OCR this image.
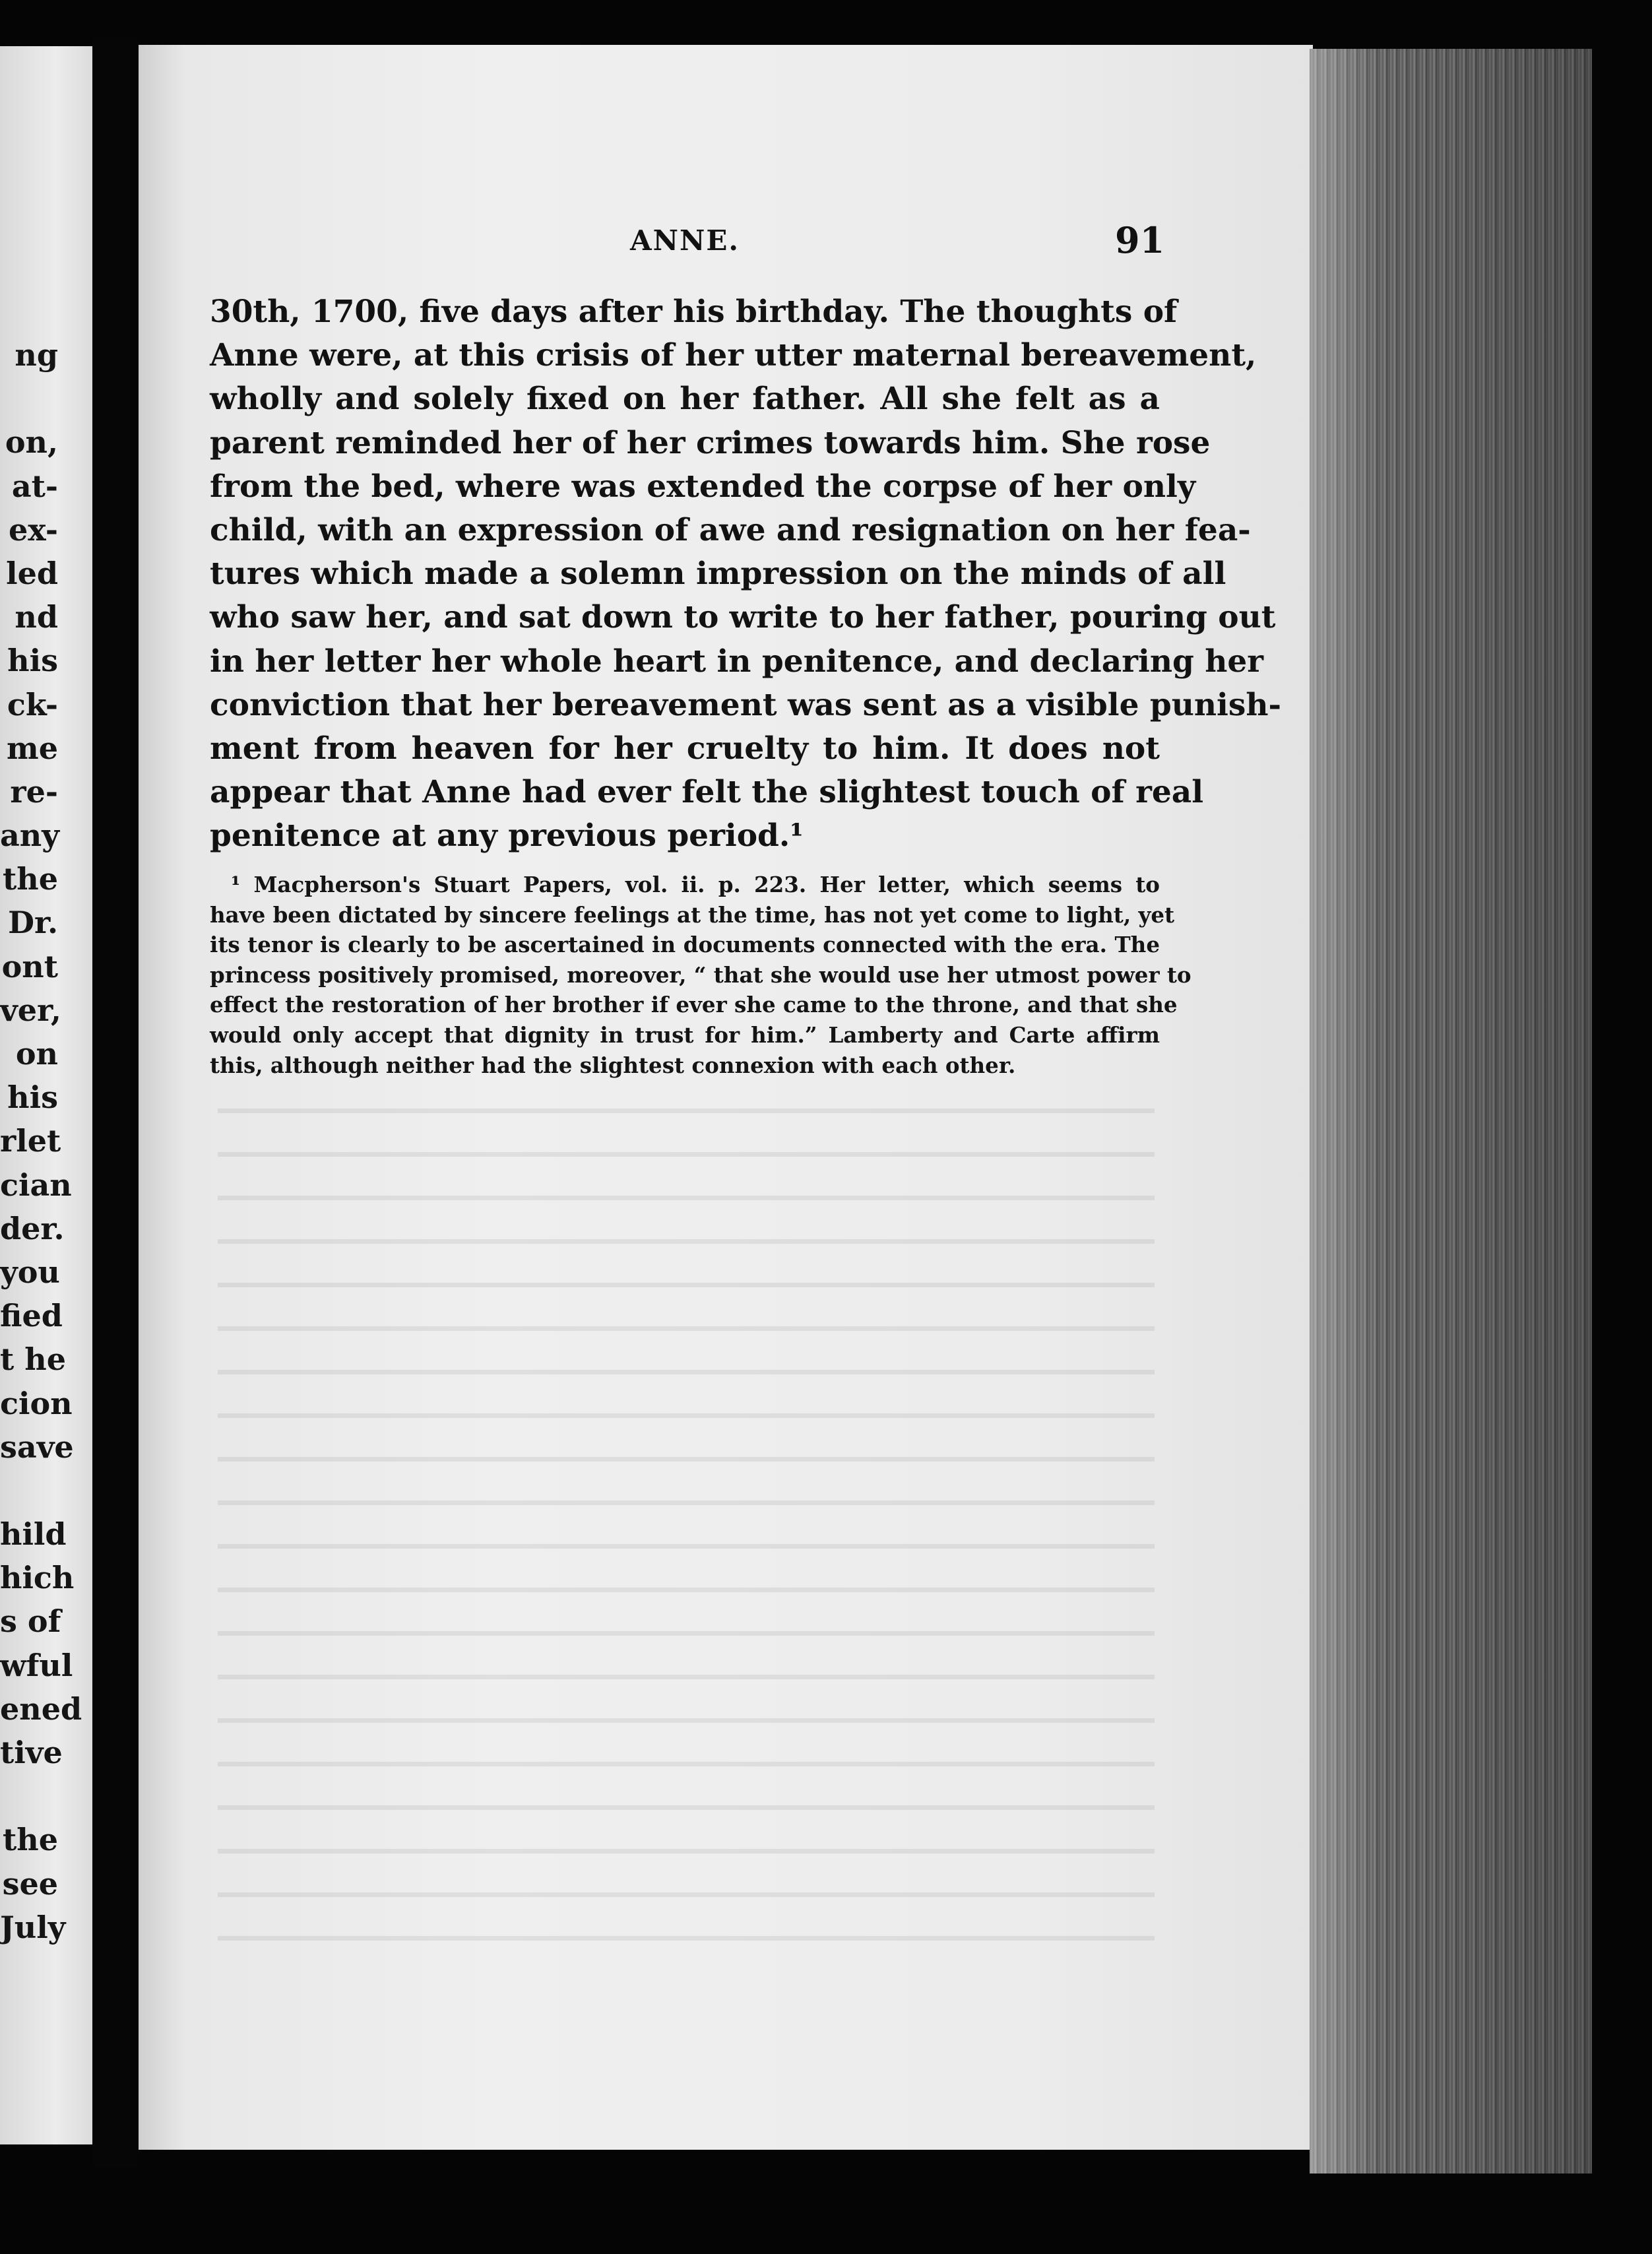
ng
on,
at-
ex-
led
nd
his
ck-
me
re-
any
the
Dr.
ont
ver,
on
his
rlet
cian
der.
you
fied
t he
cion
save
hild
hich
s of
wful
ened
tive
the
see
July
ANNE.	91
30th, 1700, five days after his birthday. The thoughts of
Anne were, at this crisis of her utter maternal bereavement,
wholly and solely fixed on her father. All she felt as a
parent reminded her of her crimes towards him. She rose
from the bed, where was extended the corpse of her only
child, with an expression of awe and resignation on her fea-
tures which made a solemn impression on the minds of all
who saw her, and sat down to write to her father, pouring out
in her letter her whole heart in penitence, and declaring her
conviction that her bereavement was sent as a visible punish-
ment from heaven for her cruelty to him. It does not
appear that Anne had ever felt the slightest touch of real
penitence at any previous period.¹
¹ Macpherson's Stuart Papers, vol. ii. p. 223. Her letter, which seems to
have been dictated by sincere feelings at the time, has not yet come to light, yet
its tenor is clearly to be ascertained in documents connected with the era. The
princess positively promised, moreover, “ that she would use her utmost power to
effect the restoration of her brother if ever she came to the throne, and that she
would only accept that dignity in trust for him.” Lamberty and Carte affirm
this, although neither had the slightest connexion with each other.
